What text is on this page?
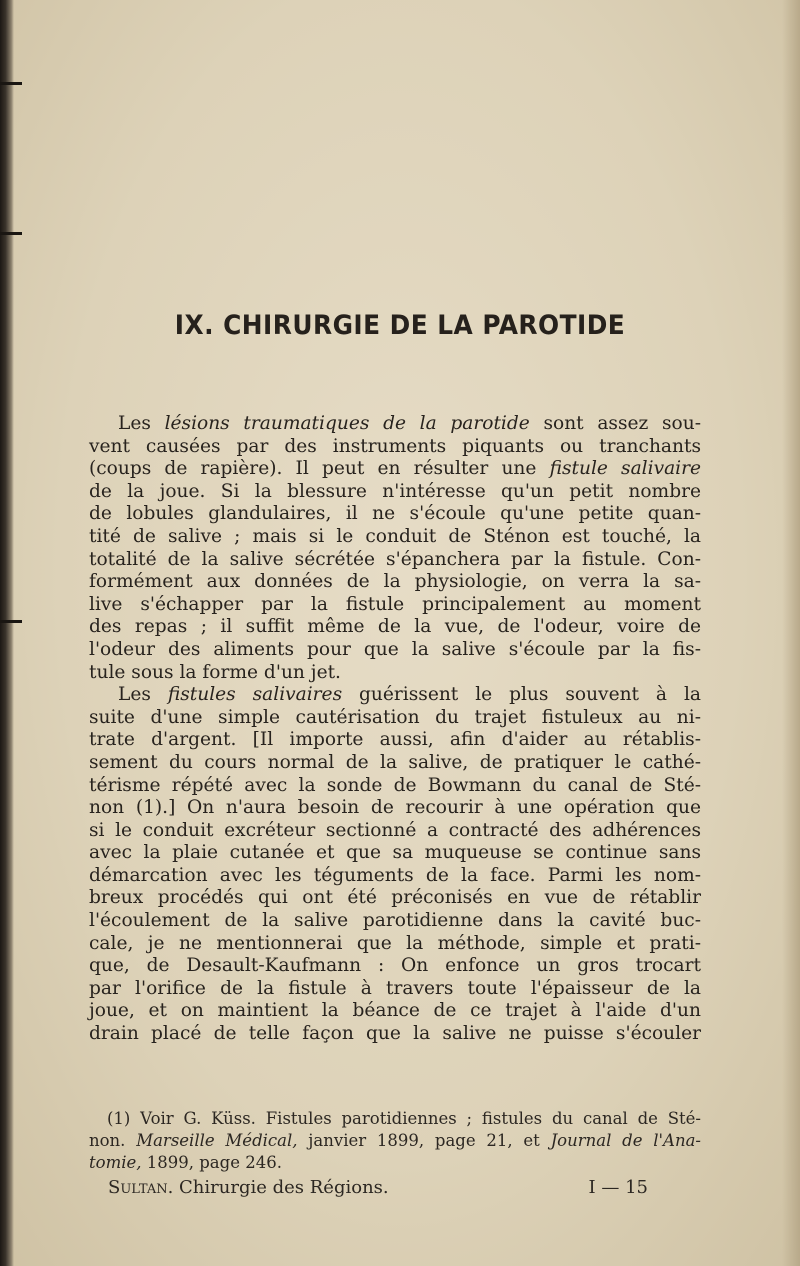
IX. CHIRURGIE DE LA PAROTIDE
Les lésions traumatiques de la parotide sont assez sou-
vent causées par des instruments piquants ou tranchants
(coups de rapière). Il peut en résulter une fistule salivaire
de la joue. Si la blessure n'intéresse qu'un petit nombre
de lobules glandulaires, il ne s'écoule qu'une petite quan-
tité de salive ; mais si le conduit de Sténon est touché, la
totalité de la salive sécrétée s'épanchera par la fistule. Con-
formément aux données de la physiologie, on verra la sa-
live s'échapper par la fistule principalement au moment
des repas ; il suffit même de la vue, de l'odeur, voire de
l'odeur des aliments pour que la salive s'écoule par la fis-
tule sous la forme d'un jet.
Les fistules salivaires guérissent le plus souvent à la
suite d'une simple cautérisation du trajet fistuleux au ni-
trate d'argent. [Il importe aussi, afin d'aider au rétablis-
sement du cours normal de la salive, de pratiquer le cathé-
térisme répété avec la sonde de Bowmann du canal de Sté-
non (1).] On n'aura besoin de recourir à une opération que
si le conduit excréteur sectionné a contracté des adhérences
avec la plaie cutanée et que sa muqueuse se continue sans
démarcation avec les téguments de la face. Parmi les nom-
breux procédés qui ont été préconisés en vue de rétablir
l'écoulement de la salive parotidienne dans la cavité buc-
cale, je ne mentionnerai que la méthode, simple et prati-
que, de Desault-Kaufmann : On enfonce un gros trocart
par l'orifice de la fistule à travers toute l'épaisseur de la
joue, et on maintient la béance de ce trajet à l'aide d'un
drain placé de telle façon que la salive ne puisse s'écouler
(1) Voir G. Küss. Fistules parotidiennes ; fistules du canal de Sté-
non. Marseille Médical, janvier 1899, page 21, et Journal de l'Ana-
tomie, 1899, page 246.
Sultan. Chirurgie des Régions.	I — 15
